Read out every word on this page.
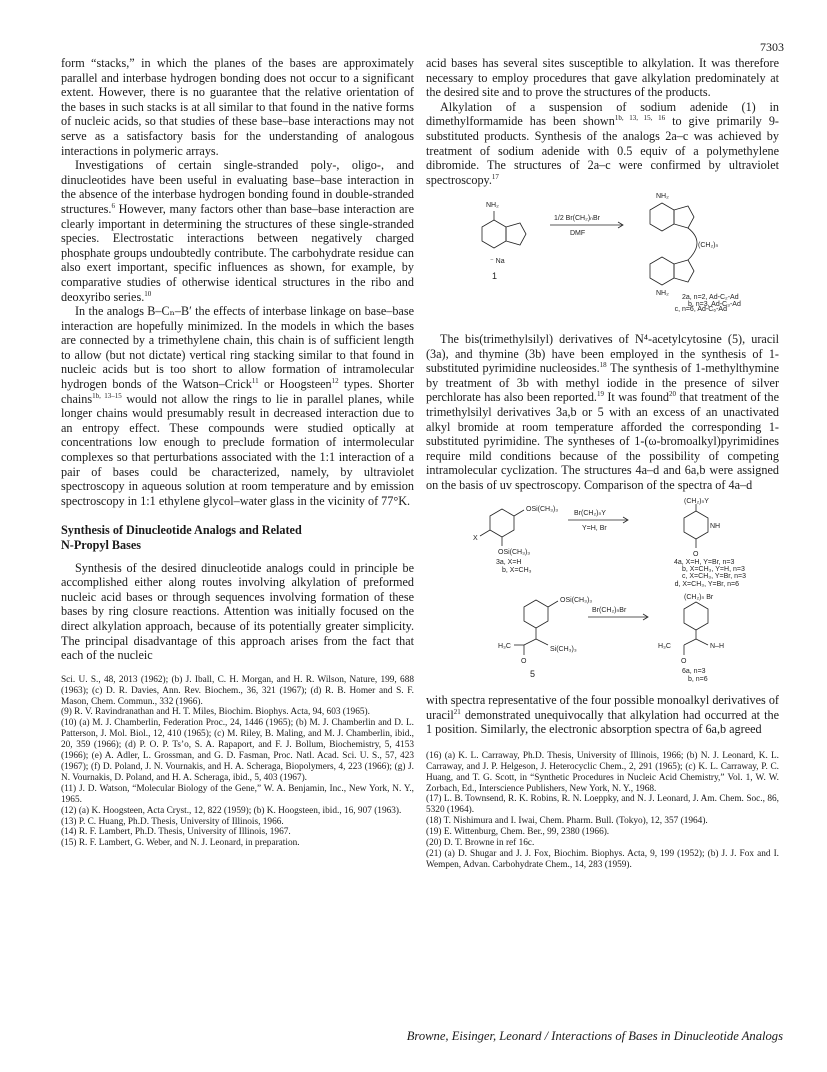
7303

form “stacks,” in which the planes of the bases are approximately parallel and interbase hydrogen bonding does not occur to a significant extent. However, there is no guarantee that the relative orientation of the bases in such stacks is at all similar to that found in the native forms of nucleic acids, so that studies of these base–base interactions may not serve as a satisfactory basis for the understanding of analogous interactions in polymeric arrays.

Investigations of certain single-stranded poly-, oligo-, and dinucleotides have been useful in evaluating base–base interaction in the absence of the interbase hydrogen bonding found in double-stranded structures.$^6$ However, many factors other than base–base interaction are clearly important in determining the structures of these single-stranded species. Electrostatic interactions between negatively charged phosphate groups undoubtedly contribute. The carbohydrate residue can also exert important, specific influences as shown, for example, by comparative studies of otherwise identical structures in the ribo and deoxyribo series.$^{10}$

In the analogs B–Cₙ–B′ the effects of interbase linkage on base–base interaction are hopefully minimized. In the models in which the bases are connected by a trimethylene chain, this chain is of sufficient length to allow (but not dictate) vertical ring stacking similar to that found in nucleic acids but is too short to allow formation of intramolecular hydrogen bonds of the Watson–Crick$^{11}$ or Hoogsteen$^{12}$ types. Shorter chains$^{1b, 13-15}$ would not allow the rings to lie in parallel planes, while longer chains would presumably result in decreased interaction due to an entropy effect. These compounds were studied optically at concentrations low enough to preclude formation of intermolecular complexes so that perturbations associated with the 1:1 interaction of a pair of bases could be characterized, namely, by ultraviolet spectroscopy in aqueous solution at room temperature and by emission spectroscopy in 1:1 ethylene glycol–water glass in the vicinity of 77°K.

Synthesis of Dinucleotide Analogs and Related
N-Propyl Bases

Synthesis of the desired dinucleotide analogs could in principle be accomplished either along routes involving alkylation of preformed nucleic acid bases or through sequences involving formation of these bases by ring closure reactions. Attention was initially focused on the direct alkylation approach, because of its potentially greater simplicity. The principal disadvantage of this approach arises from the fact that each of the nucleic

Sci. U. S., 48, 2013 (1962); (b) J. Iball, C. H. Morgan, and H. R. Wilson, Nature, 199, 688 (1963); (c) D. R. Davies, Ann. Rev. Biochem., 36, 321 (1967); (d) R. B. Homer and S. F. Mason, Chem. Commun., 332 (1966).
(9) R. V. Ravindranathan and H. T. Miles, Biochim. Biophys. Acta, 94, 603 (1965).
(10) (a) M. J. Chamberlin, Federation Proc., 24, 1446 (1965); (b) M. J. Chamberlin and D. L. Patterson, J. Mol. Biol., 12, 410 (1965); (c) M. Riley, B. Maling, and M. J. Chamberlin, ibid., 20, 359 (1966); (d) P. O. P. Ts’o, S. A. Rapaport, and F. J. Bollum, Biochemistry, 5, 4153 (1966); (e) A. Adler, L. Grossman, and G. D. Fasman, Proc. Natl. Acad. Sci. U. S., 57, 423 (1967); (f) D. Poland, J. N. Vournakis, and H. A. Scheraga, Biopolymers, 4, 223 (1966); (g) J. N. Vournakis, D. Poland, and H. A. Scheraga, ibid., 5, 403 (1967).
(11) J. D. Watson, “Molecular Biology of the Gene,” W. A. Benjamin, Inc., New York, N. Y., 1965.
(12) (a) K. Hoogsteen, Acta Cryst., 12, 822 (1959); (b) K. Hoogsteen, ibid., 16, 907 (1963).
(13) P. C. Huang, Ph.D. Thesis, University of Illinois, 1966.
(14) R. F. Lambert, Ph.D. Thesis, University of Illinois, 1967.
(15) R. F. Lambert, G. Weber, and N. J. Leonard, in preparation.

acid bases has several sites susceptible to alkylation. It was therefore necessary to employ procedures that gave alkylation predominately at the desired site and to prove the structures of the products.

Alkylation of a suspension of sodium adenide (1) in dimethylformamide has been shown$^{1b, 13, 15, 16}$ to give primarily 9-substituted products. Synthesis of the analogs 2a–c was achieved by treatment of sodium adenide with 0.5 equiv of a polymethylene dibromide. The structures of 2a–c were confirmed by ultraviolet spectroscopy.$^{17}$

NH₂
⁻ Na
1
1/2 Br(CH₂)ₙBr
DMF
NH₂
(CH₂)ₙ
NH₂
2a, n=2, Ad-C₂-Ad
b, n=3, Ad-C₃-Ad
c, n=6, Ad-C₆-Ad

The bis(trimethylsilyl) derivatives of N⁴-acetylcytosine (5), uracil (3a), and thymine (3b) have been employed in the synthesis of 1-substituted pyrimidine nucleosides.$^{18}$ The synthesis of 1-methylthymine by treatment of 3b with methyl iodide in the presence of silver perchlorate has also been reported.$^{19}$ It was found$^{20}$ that treatment of the trimethylsilyl derivatives 3a,b or 5 with an excess of an unactivated alkyl bromide at room temperature afforded the corresponding 1-substituted pyrimidine. The syntheses of 1-(ω-bromoalkyl)pyrimidines require mild conditions because of the possibility of competing intramolecular cyclization. The structures 4a–d and 6a,b were assigned on the basis of uv spectroscopy. Comparison of the spectra of 4a–d

OSi(CH₃)₃
OSi(CH₃)₃
X
Br(CH₂)ₙY
Y=H, Br
(CH₂)ₙY
NH
O
3a, X=H
b, X=CH₃
4a, X=H, Y=Br, n=3
b, X=CH₃, Y=H, n=3
c, X=CH₃, Y=Br, n=3
d, X=CH₃, Y=Br, n=6
OSi(CH₃)₃
Si(CH₃)₃
H₃C
O
5
Br(CH₂)ₙBr
(CH₂)ₙ Br
H₃C	N–H
O
6a, n=3
b, n=6

with spectra representative of the four possible monoalkyl derivatives of uracil$^{21}$ demonstrated unequivocally that alkylation had occurred at the 1 position. Similarly, the electronic absorption spectra of 6a,b agreed

(16) (a) K. L. Carraway, Ph.D. Thesis, University of Illinois, 1966; (b) N. J. Leonard, K. L. Carraway, and J. P. Helgeson, J. Heterocyclic Chem., 2, 291 (1965); (c) K. L. Carraway, P. C. Huang, and T. G. Scott, in “Synthetic Procedures in Nucleic Acid Chemistry,” Vol. 1, W. W. Zorbach, Ed., Interscience Publishers, New York, N. Y., 1968.
(17) L. B. Townsend, R. K. Robins, R. N. Loeppky, and N. J. Leonard, J. Am. Chem. Soc., 86, 5320 (1964).
(18) T. Nishimura and I. Iwai, Chem. Pharm. Bull. (Tokyo), 12, 357 (1964).
(19) E. Wittenburg, Chem. Ber., 99, 2380 (1966).
(20) D. T. Browne in ref 16c.
(21) (a) D. Shugar and J. J. Fox, Biochim. Biophys. Acta, 9, 199 (1952); (b) J. J. Fox and I. Wempen, Advan. Carbohydrate Chem., 14, 283 (1959).
Browne, Eisinger, Leonard / Interactions of Bases in Dinucleotide Analogs
